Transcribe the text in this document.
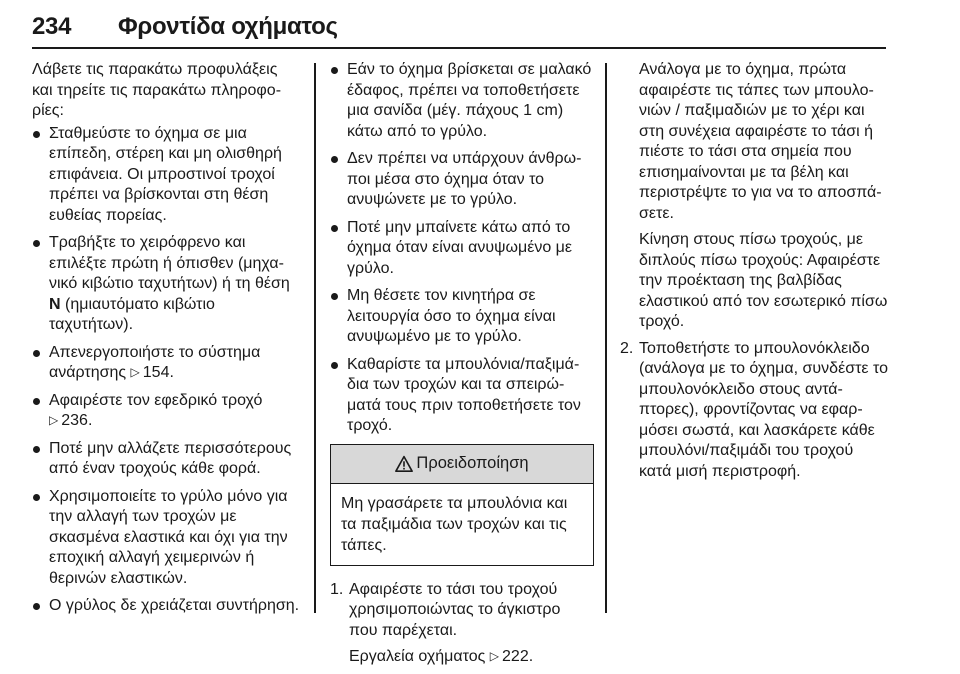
234 Φροντίδα οχήματος

Λάβετε τις παρακάτω προφυλάξεις και τηρείτε τις παρακάτω πληροφορίες:

Σταθμεύστε το όχημα σε μια επίπεδη, στέρεη και μη ολισθηρή επιφάνεια. Οι μπροστινοί τροχοί πρέπει να βρίσκονται στη θέση ευθείας πορείας.
Τραβήξτε το χειρόφρενο και επιλέξτε πρώτη ή όπισθεν (μηχανικό κιβώτιο ταχυτήτων) ή τη θέση N (ημιαυτόματο κιβώτιο ταχυτήτων).
Απενεργοποιήστε το σύστημα ανάρτησης ▷ 154.
Αφαιρέστε τον εφεδρικό τροχό
▷ 236.
Ποτέ μην αλλάζετε περισσότερους από έναν τροχούς κάθε φορά.
Χρησιμοποιείτε το γρύλο μόνο για την αλλαγή των τροχών με σκασμένα ελαστικά και όχι για την εποχική αλλαγή χειμερινών ή θερινών ελαστικών.
Ο γρύλος δε χρειάζεται συντήρηση.
Εάν το όχημα βρίσκεται σε μαλακό έδαφος, πρέπει να τοποθετήσετε μια σανίδα (μέγ. πάχους 1 cm) κάτω από το γρύλο.
Δεν πρέπει να υπάρχουν άνθρωποι μέσα στο όχημα όταν το ανυψώνετε με το γρύλο.
Ποτέ μην μπαίνετε κάτω από το όχημα όταν είναι ανυψωμένο με γρύλο.
Μη θέσετε τον κινητήρα σε λειτουργία όσο το όχημα είναι ανυψωμένο με το γρύλο.
Καθαρίστε τα μπουλόνια/παξιμάδια των τροχών και τα σπειρώματά τους πριν τοποθετήσετε τον τροχό.
Προειδοποίηση
Μη γρασάρετε τα μπουλόνια και τα παξιμάδια των τροχών και τις τάπες.
1. Αφαιρέστε το τάσι του τροχού χρησιμοποιώντας το άγκιστρο που παρέχεται.
Εργαλεία οχήματος ▷ 222.
Ανάλογα με το όχημα, πρώτα αφαιρέστε τις τάπες των μπουλονιών / παξιμαδιών με το χέρι και στη συνέχεια αφαιρέστε το τάσι ή πιέστε το τάσι στα σημεία που επισημαίνονται με τα βέλη και περιστρέψτε το για να το αποσπάσετε.
Κίνηση στους πίσω τροχούς, με διπλούς πίσω τροχούς: Αφαιρέστε την προέκταση της βαλβίδας ελαστικού από τον εσωτερικό πίσω τροχό.
2. Τοποθετήστε το μπουλονόκλειδο (ανάλογα με το όχημα, συνδέστε το μπουλονόκλειδο στους αντάπτορες), φροντίζοντας να εφαρμόσει σωστά, και λασκάρετε κάθε μπουλόνι/παξιμάδι του τροχού κατά μισή περιστροφή.
